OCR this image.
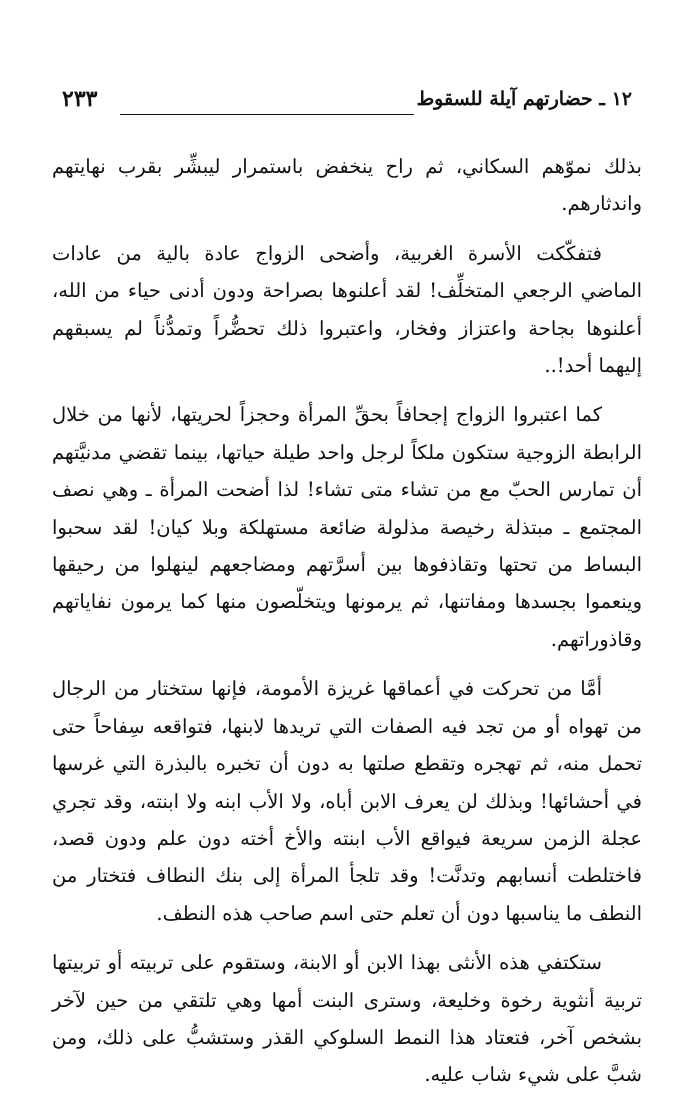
١٢ ـ حضارتهم آيلة للسقوط
٢٣٣

بذلك نموّهم السكاني، ثم راح ينخفض باستمرار ليبشِّر بقرب نهايتهم واندثارهم.

فتفكّكت الأسرة الغربية، وأضحى الزواج عادة بالية من عادات الماضي الرجعي المتخلِّف! لقد أعلنوها بصراحة ودون أدنى حياء من الله، أعلنوها بجاحة واعتزاز وفخار، واعتبروا ذلك تحضُّراً وتمدُّناً لم يسبقهم إليهما أحد!..

كما اعتبروا الزواج إجحافاً بحقِّ المرأة وحجزاً لحريتها، لأنها من خلال الرابطة الزوجية ستكون ملكاً لرجل واحد طيلة حياتها، بينما تقضي مدنيَّتهم أن تمارس الحبّ مع من تشاء متى تشاء! لذا أضحت المرأة ـ وهي نصف المجتمع ـ مبتذلة رخيصة مذلولة ضائعة مستهلكة وبلا كيان! لقد سحبوا البساط من تحتها وتقاذفوها بين أسرَّتهم ومضاجعهم لينهلوا من رحيقها وينعموا بجسدها ومفاتنها، ثم يرمونها ويتخلّصون منها كما يرمون نفاياتهم وقاذوراتهم.

أمَّا من تحركت في أعماقها غريزة الأمومة، فإنها ستختار من الرجال من تهواه أو من تجد فيه الصفات التي تريدها لابنها، فتواقعه سِفاحاً حتى تحمل منه، ثم تهجره وتقطع صلتها به دون أن تخبره بالبذرة التي غرسها في أحشائها! وبذلك لن يعرف الابن أباه، ولا الأب ابنه ولا ابنته، وقد تجري عجلة الزمن سريعة فيواقع الأب ابنته والأخ أخته دون علم ودون قصد، فاختلطت أنسابهم وتدنَّت! وقد تلجأ المرأة إلى بنك النطاف فتختار من النطف ما يناسبها دون أن تعلم حتى اسم صاحب هذه النطف.

ستكتفي هذه الأنثى بهذا الابن أو الابنة، وستقوم على تربيته أو تربيتها تربية أنثوية رخوة وخليعة، وسترى البنت أمها وهي تلتقي من حين لآخر بشخص آخر، فتعتاد هذا النمط السلوكي القذر وستشبُّ على ذلك، ومن شبَّ على شيء شاب عليه.
